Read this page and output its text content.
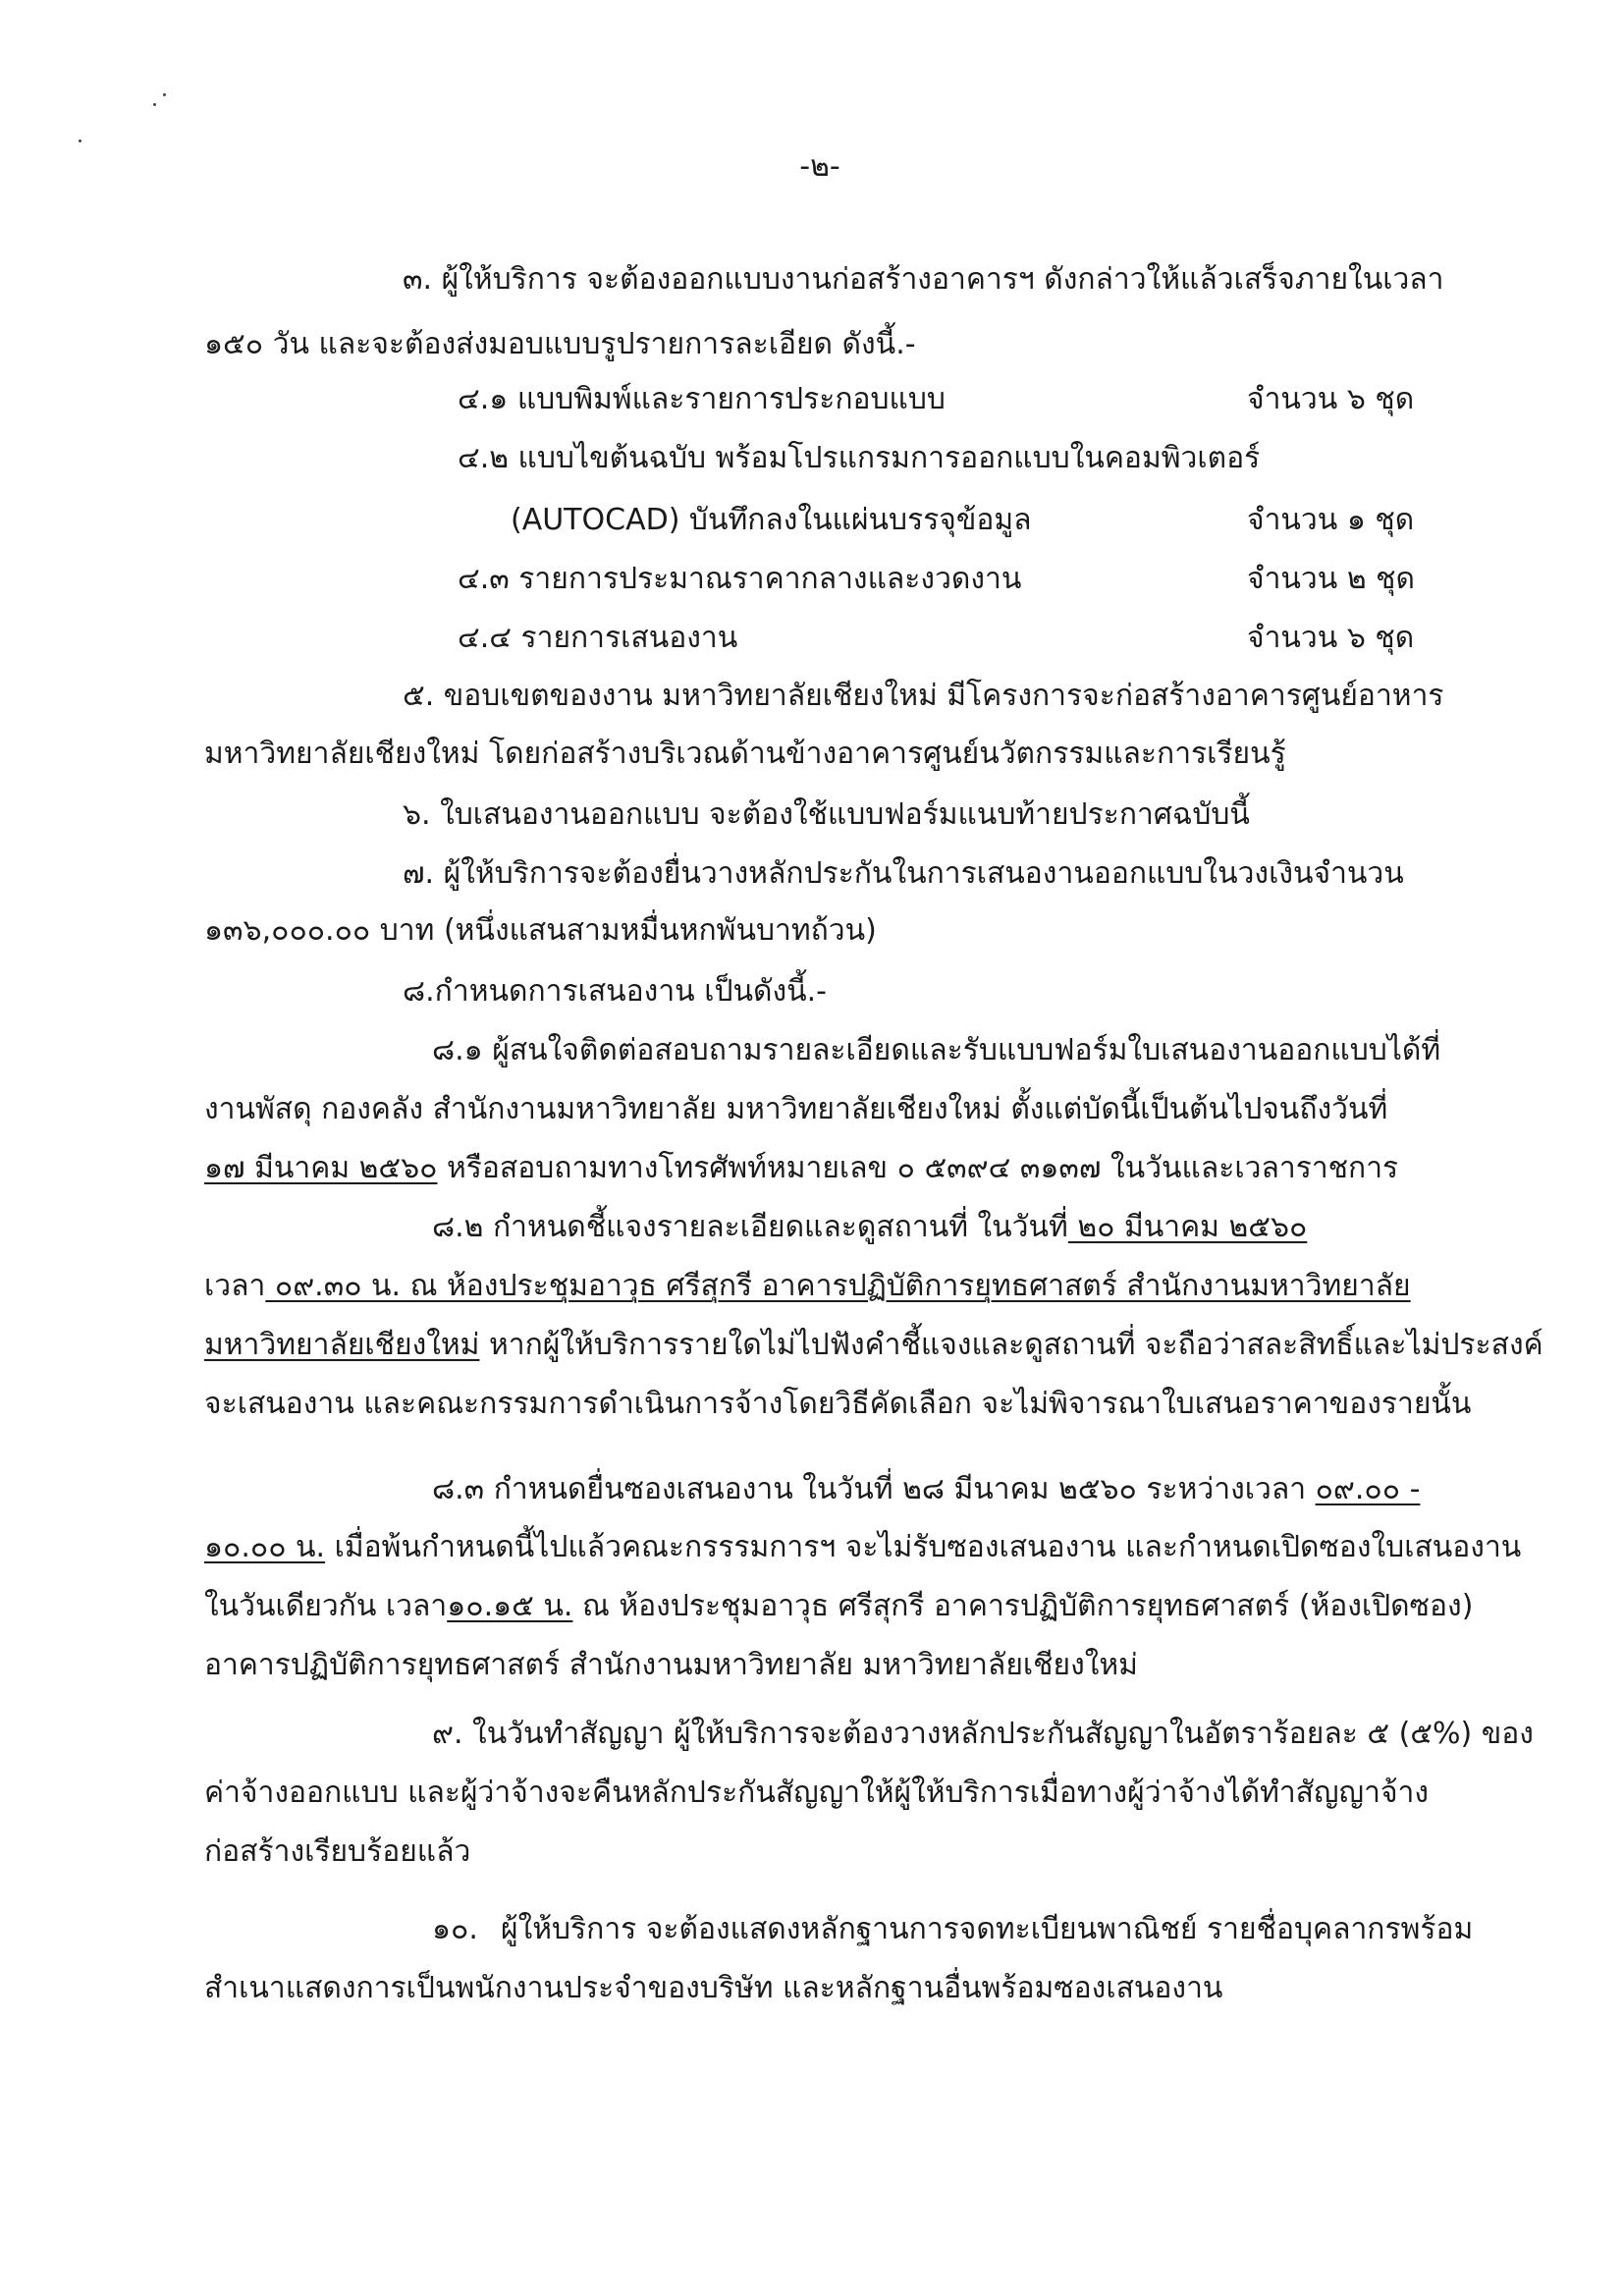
-๒-
๓. ผู้ให้บริการ จะต้องออกแบบงานก่อสร้างอาคารฯ ดังกล่าวให้แล้วเสร็จภายในเวลา
๑๕๐ วัน และจะต้องส่งมอบแบบรูปรายการละเอียด ดังนี้.-
๔.๑ แบบพิมพ์และรายการประกอบแบบ	จำนวน ๖ ชุด
๔.๒ แบบไขต้นฉบับ พร้อมโปรแกรมการออกแบบในคอมพิวเตอร์
(AUTOCAD) บันทึกลงในแผ่นบรรจุข้อมูล	จำนวน ๑ ชุด
๔.๓ รายการประมาณราคากลางและงวดงาน	จำนวน ๒ ชุด
๔.๔ รายการเสนองาน	จำนวน ๖ ชุด
๕. ขอบเขตของงาน มหาวิทยาลัยเชียงใหม่ มีโครงการจะก่อสร้างอาคารศูนย์อาหาร
มหาวิทยาลัยเชียงใหม่ โดยก่อสร้างบริเวณด้านข้างอาคารศูนย์นวัตกรรมและการเรียนรู้
๖. ใบเสนองานออกแบบ จะต้องใช้แบบฟอร์มแนบท้ายประกาศฉบับนี้
๗. ผู้ให้บริการจะต้องยื่นวางหลักประกันในการเสนองานออกแบบในวงเงินจำนวน
๑๓๖,๐๐๐.๐๐ บาท (หนึ่งแสนสามหมื่นหกพันบาทถ้วน)
๘.กำหนดการเสนองาน เป็นดังนี้.-
๘.๑ ผู้สนใจติดต่อสอบถามรายละเอียดและรับแบบฟอร์มใบเสนองานออกแบบได้ที่
งานพัสดุ กองคลัง สำนักงานมหาวิทยาลัย มหาวิทยาลัยเชียงใหม่ ตั้งแต่บัดนี้เป็นต้นไปจนถึงวันที่
๑๗ มีนาคม ๒๕๖๐ หรือสอบถามทางโทรศัพท์หมายเลข ๐ ๕๓๙๔ ๓๑๓๗ ในวันและเวลาราชการ
๘.๒ กำหนดชี้แจงรายละเอียดและดูสถานที่ ในวันที่ ๒๐ มีนาคม ๒๕๖๐
เวลา ๐๙.๓๐ น. ณ ห้องประชุมอาวุธ ศรีสุกรี อาคารปฏิบัติการยุทธศาสตร์ สำนักงานมหาวิทยาลัย
มหาวิทยาลัยเชียงใหม่ หากผู้ให้บริการรายใดไม่ไปฟังคำชี้แจงและดูสถานที่ จะถือว่าสละสิทธิ์และไม่ประสงค์
จะเสนองาน และคณะกรรมการดำเนินการจ้างโดยวิธีคัดเลือก จะไม่พิจารณาใบเสนอราคาของรายนั้น
๘.๓ กำหนดยื่นซองเสนองาน ในวันที่ ๒๘ มีนาคม ๒๕๖๐ ระหว่างเวลา ๐๙.๐๐ -
๑๐.๐๐ น. เมื่อพ้นกำหนดนี้ไปแล้วคณะกรรรมการฯ จะไม่รับซองเสนองาน และกำหนดเปิดซองใบเสนองาน
ในวันเดียวกัน เวลา๑๐.๑๕ น. ณ ห้องประชุมอาวุธ ศรีสุกรี อาคารปฏิบัติการยุทธศาสตร์ (ห้องเปิดซอง)
อาคารปฏิบัติการยุทธศาสตร์ สำนักงานมหาวิทยาลัย มหาวิทยาลัยเชียงใหม่
๙. ในวันทำสัญญา ผู้ให้บริการจะต้องวางหลักประกันสัญญาในอัตราร้อยละ ๕ (๕%) ของ
ค่าจ้างออกแบบ และผู้ว่าจ้างจะคืนหลักประกันสัญญาให้ผู้ให้บริการเมื่อทางผู้ว่าจ้างได้ทำสัญญาจ้าง
ก่อสร้างเรียบร้อยแล้ว
๑๐. ผู้ให้บริการ จะต้องแสดงหลักฐานการจดทะเบียนพาณิชย์ รายชื่อบุคลากรพร้อม
สำเนาแสดงการเป็นพนักงานประจำของบริษัท และหลักฐานอื่นพร้อมซองเสนองาน
